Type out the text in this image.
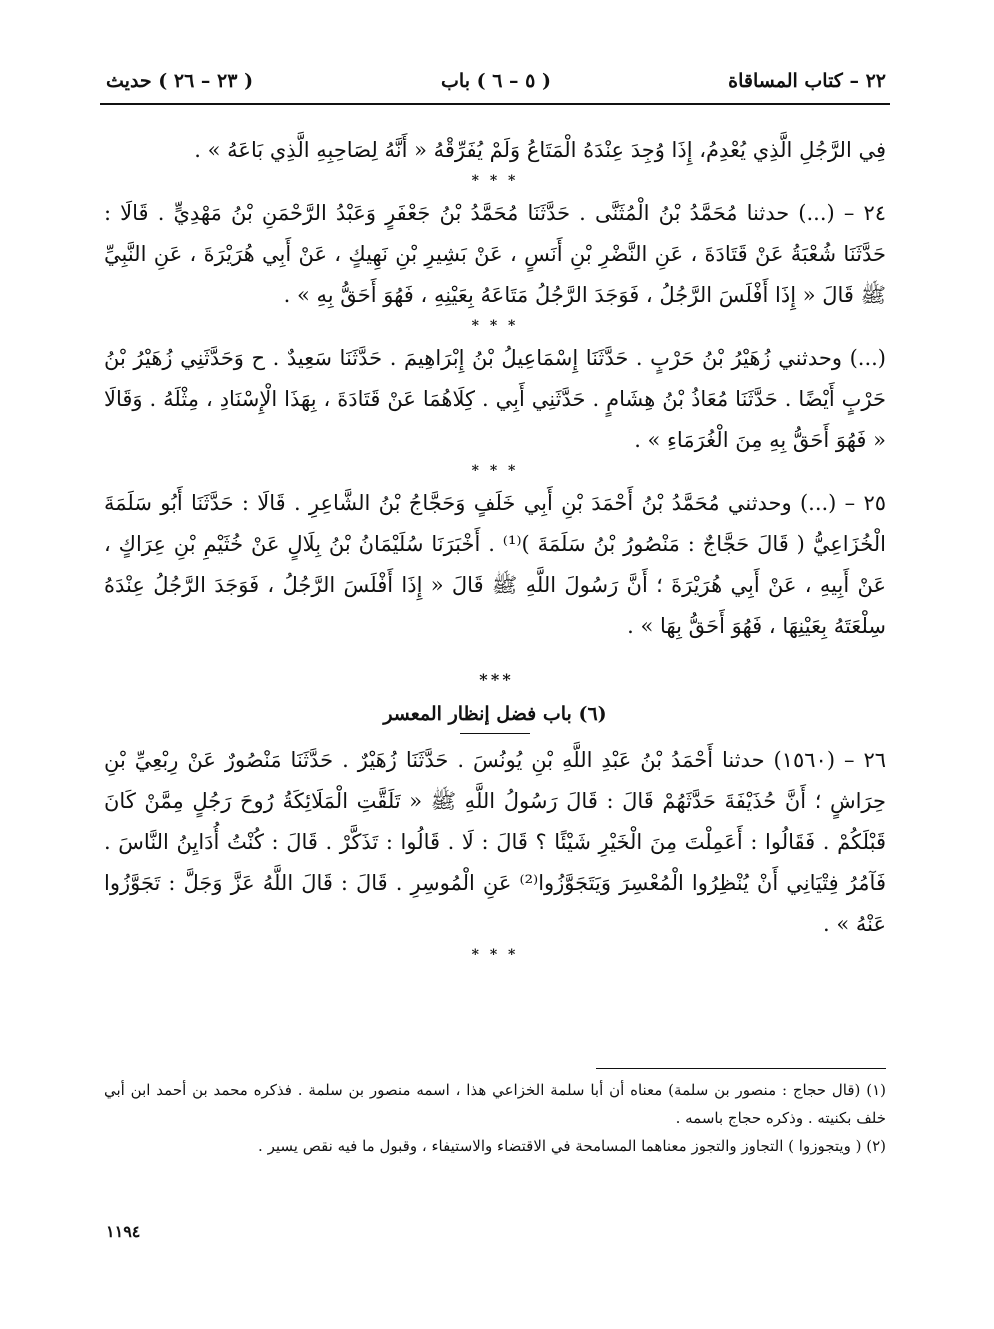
٢٢ – كتاب المساقاة
( ٥ – ٦ ) باب
( ٢٣ – ٢٦ ) حديث

فِي الرَّجُلِ الَّذِي يُعْدِمُ، إِذَا وُجِدَ عِنْدَهُ الْمَتَاعُ وَلَمْ يُفَرِّقْهُ « أَنَّهُ لِصَاحِبِهِ الَّذِي بَاعَهُ » .

* * *

٢٤ – (...) حدثنا مُحَمَّدُ بْنُ الْمُثَنَّى . حَدَّثَنَا مُحَمَّدُ بْنُ جَعْفَرٍ وَعَبْدُ الرَّحْمَنِ بْنُ مَهْدِيٍّ . قَالَا : حَدَّثَنَا شُعْبَةُ عَنْ قَتَادَةَ ، عَنِ النَّضْرِ بْنِ أَنَسٍ ، عَنْ بَشِيرِ بْنِ نَهِيكٍ ، عَنْ أَبِي هُرَيْرَةَ ، عَنِ النَّبِيِّ ﷺ قَالَ « إِذَا أَفْلَسَ الرَّجُلُ ، فَوَجَدَ الرَّجُلُ مَتَاعَهُ بِعَيْنِهِ ، فَهُوَ أَحَقُّ بِهِ » .

* * *

(...) وحدثني زُهَيْرُ بْنُ حَرْبٍ . حَدَّثَنَا إِسْمَاعِيلُ بْنُ إِبْرَاهِيمَ . حَدَّثَنَا سَعِيدٌ . ح وَحَدَّثَنِي زُهَيْرُ بْنُ حَرْبٍ أَيْضًا . حَدَّثَنَا مُعَاذُ بْنُ هِشَامٍ . حَدَّثَنِي أَبِي . كِلَاهُمَا عَنْ قَتَادَةَ ، بِهَذَا الْإِسْنَادِ ، مِثْلَهُ . وَقَالَا « فَهُوَ أَحَقُّ بِهِ مِنَ الْغُرَمَاءِ » .

* * *

٢٥ – (...) وحدثني مُحَمَّدُ بْنُ أَحْمَدَ بْنِ أَبِي خَلَفٍ وَحَجَّاجُ بْنُ الشَّاعِرِ . قَالَا : حَدَّثَنَا أَبُو سَلَمَةَ الْخُزَاعِيُّ ( قَالَ حَجَّاجٌ : مَنْصُورُ بْنُ سَلَمَةَ )⁽¹⁾ . أَخْبَرَنَا سُلَيْمَانُ بْنُ بِلَالٍ عَنْ خُثَيْمِ بْنِ عِرَاكٍ ، عَنْ أَبِيهِ ، عَنْ أَبِي هُرَيْرَةَ ؛ أَنَّ رَسُولَ اللَّهِ ﷺ قَالَ « إِذَا أَفْلَسَ الرَّجُلُ ، فَوَجَدَ الرَّجُلُ عِنْدَهُ سِلْعَتَهُ بِعَيْنِهَا ، فَهُوَ أَحَقُّ بِهَا » .

* * *
(٦) باب فضل إنظار المعسر

٢٦ – (١٥٦٠) حدثنا أَحْمَدُ بْنُ عَبْدِ اللَّهِ بْنِ يُونُسَ . حَدَّثَنَا زُهَيْرٌ . حَدَّثَنَا مَنْصُورٌ عَنْ رِبْعِيِّ بْنِ حِرَاشٍ ؛ أَنَّ حُذَيْفَةَ حَدَّثَهُمْ قَالَ : قَالَ رَسُولُ اللَّهِ ﷺ « تَلَقَّتِ الْمَلَائِكَةُ رُوحَ رَجُلٍ مِمَّنْ كَانَ قَبْلَكُمْ . فَقَالُوا : أَعَمِلْتَ مِنَ الْخَيْرِ شَيْئًا ؟ قَالَ : لَا . قَالُوا : تَذَكَّرْ . قَالَ : كُنْتُ أُدَايِنُ النَّاسَ . فَآمُرُ فِتْيَانِي أَنْ يُنْظِرُوا الْمُعْسِرَ وَيَتَجَوَّزُوا⁽²⁾ عَنِ الْمُوسِرِ . قَالَ : قَالَ اللَّهُ عَزَّ وَجَلَّ : تَجَوَّزُوا عَنْهُ » .

* * *

(١) (قال حجاج : منصور بن سلمة) معناه أن أبا سلمة الخزاعي هذا ، اسمه منصور بن سلمة . فذكره محمد بن أحمد ابن أبي خلف بكنيته . وذكره حجاج باسمه .

(٢) ( ويتجوزوا ) التجاوز والتجوز معناهما المسامحة في الاقتضاء والاستيفاء ، وقبول ما فيه نقص يسير .

١١٩٤
